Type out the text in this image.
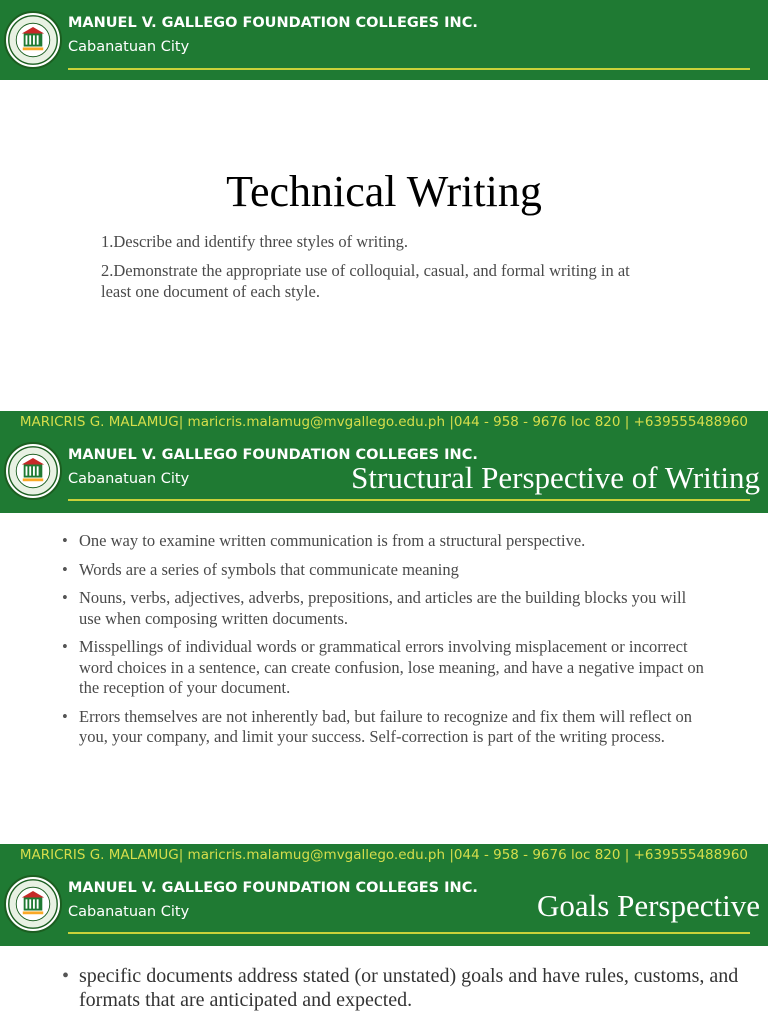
MANUEL V. GALLEGO FOUNDATION COLLEGES INC.
Cabanatuan City
Technical Writing
1.Describe and identify three styles of writing.
2.Demonstrate the appropriate use of colloquial, casual, and formal writing in at least one document of each style.
MARICRIS G. MALAMUG| maricris.malamug@mvgallego.edu.ph |044 - 958 - 9676 loc 820 | +639555488960
MANUEL V. GALLEGO FOUNDATION COLLEGES INC.
Cabanatuan City	Structural Perspective of Writing
• One way to examine written communication is from a structural perspective.
• Words are a series of symbols that communicate meaning
• Nouns, verbs, adjectives, adverbs, prepositions, and articles are the building blocks you will use when composing written documents.
• Misspellings of individual words or grammatical errors involving misplacement or incorrect word choices in a sentence, can create confusion, lose meaning, and have a negative impact on the reception of your document.
• Errors themselves are not inherently bad, but failure to recognize and fix them will reflect on you, your company, and limit your success. Self-correction is part of the writing process.
MARICRIS G. MALAMUG| maricris.malamug@mvgallego.edu.ph |044 - 958 - 9676 loc 820 | +639555488960
MANUEL V. GALLEGO FOUNDATION COLLEGES INC.
Cabanatuan City	Goals Perspective
• specific documents address stated (or unstated) goals and have rules, customs, and formats that are anticipated and expected.
